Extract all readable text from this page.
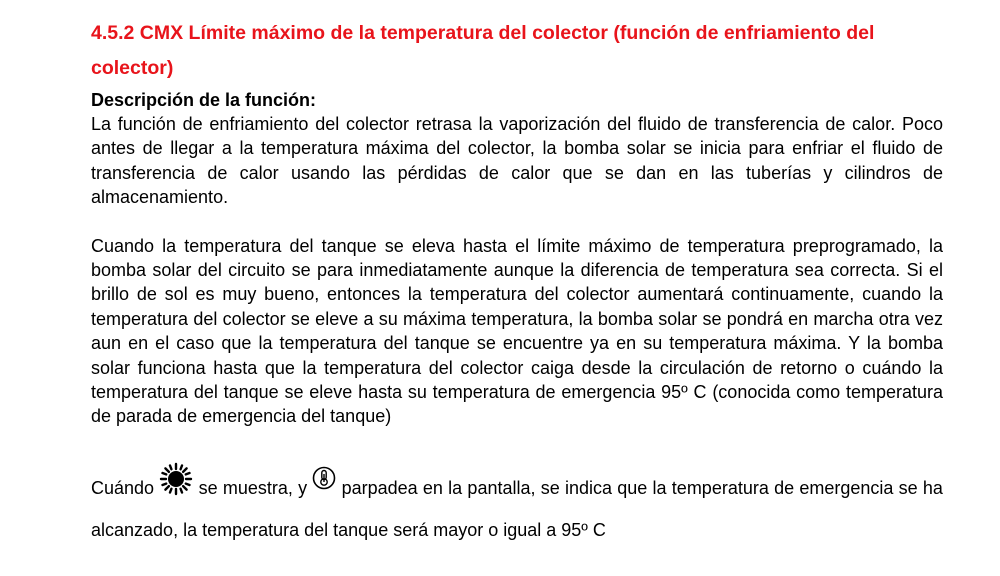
4.5.2 CMX Límite máximo de la temperatura del colector (función de enfriamiento del colector)
Descripción de la función:

La función de enfriamiento del colector retrasa la vaporización del fluido de transferencia de calor. Poco antes de llegar a la temperatura máxima del colector, la bomba solar se inicia para enfriar el fluido de transferencia de calor usando las pérdidas de calor que se dan en las tuberías y cilindros de almacenamiento.

Cuando la temperatura del tanque se eleva hasta el límite máximo de temperatura preprogramado, la bomba solar del circuito se para inmediatamente aunque la diferencia de temperatura sea correcta. Si el brillo de sol es muy bueno, entonces la temperatura del colector aumentará continuamente, cuando la temperatura del colector se eleve a su máxima temperatura, la bomba solar se pondrá en marcha otra vez aun en el caso que la temperatura del tanque se encuentre ya en su temperatura máxima. Y la bomba solar funciona hasta que la temperatura del colector caiga desde la circulación de retorno o cuándo la temperatura del tanque se eleve hasta su temperatura de emergencia 95º C (conocida como temperatura de parada de emergencia del tanque)

Cuándo se muestra, y parpadea en la pantalla, se indica que la temperatura de emergencia se ha alcanzado, la temperatura del tanque será mayor o igual a 95º C
